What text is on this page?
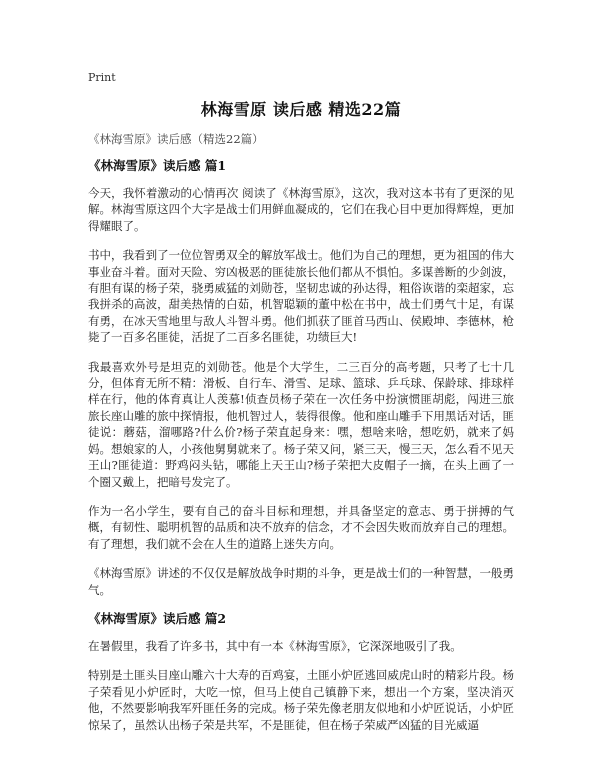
Print
林海雪原 读后感 精选22篇
《林海雪原》读后感（精选22篇）
《林海雪原》读后感 篇1

今天，我怀着激动的心情再次 阅读了《林海雪原》，这次，我对这本书有了更深的见解。林海雪原这四个大字是战士们用鲜血凝成的，它们在我心目中更加得辉煌，更加得耀眼了。

书中，我看到了一位位智勇双全的解放军战士。他们为自己的理想，更为祖国的伟大事业奋斗着。面对天险、穷凶极恶的匪徒旅长他们都从不惧怕。多谋善断的少剑波，有胆有谋的杨子荣，骁勇威猛的刘勋苍，坚韧忠诚的孙达得，粗俗诙谐的栾超家，忘我拼杀的高波，甜美热情的白茹，机智聪颖的董中松在书中，战士们勇气十足，有谋有勇，在冰天雪地里与敌人斗智斗勇。他们抓获了匪首马西山、侯殿坤、李德林，枪毙了一百多名匪徒，活捉了二百多名匪徒，功绩巨大!

我最喜欢外号是坦克的刘勋苍。他是个大学生，二三百分的高考题，只考了七十几分，但体育无所不精：滑板、自行车、滑雪、足球、篮球、乒乓球、保龄球、排球样样在行，他的体育真让人羡慕!侦查员杨子荣在一次任务中扮演惯匪胡彪，闯进三旅旅长座山雕的旅中探情报，他机智过人，装得很像。他和座山雕手下用黑话对话，匪徒说：蘑菇，溜哪路?什么价?杨子荣直起身来：嘿，想啥来啥，想吃奶，就来了妈妈。想娘家的人，小孩他舅舅就来了。杨子荣又问，紧三天，慢三天，怎么看不见天王山?匪徒道：野鸡闷头钻，哪能上天王山?杨子荣把大皮帽子一摘，在头上画了一个圈又戴上，把暗号发完了。

作为一名小学生，要有自己的奋斗目标和理想，并具备坚定的意志、勇于拼搏的气概，有韧性、聪明机智的品质和决不放弃的信念，才不会因失败而放弃自己的理想。有了理想，我们就不会在人生的道路上迷失方向。

《林海雪原》讲述的不仅仅是解放战争时期的斗争，更是战士们的一种智慧，一般勇气。

《林海雪原》读后感 篇2

在暑假里，我看了许多书，其中有一本《林海雪原》，它深深地吸引了我。

特别是土匪头目座山雕六十大寿的百鸡宴，土匪小炉匠逃回威虎山时的精彩片段。杨子荣看见小炉匠时，大吃一惊，但马上使自己镇静下来，想出一个方案，坚决消灭他，不然要影响我军歼匪任务的完成。杨子荣先像老朋友似地和小炉匠说话，小炉匠惊呆了，虽然认出杨子荣是共军，不是匪徒，但在杨子荣威严凶猛的目光威逼
